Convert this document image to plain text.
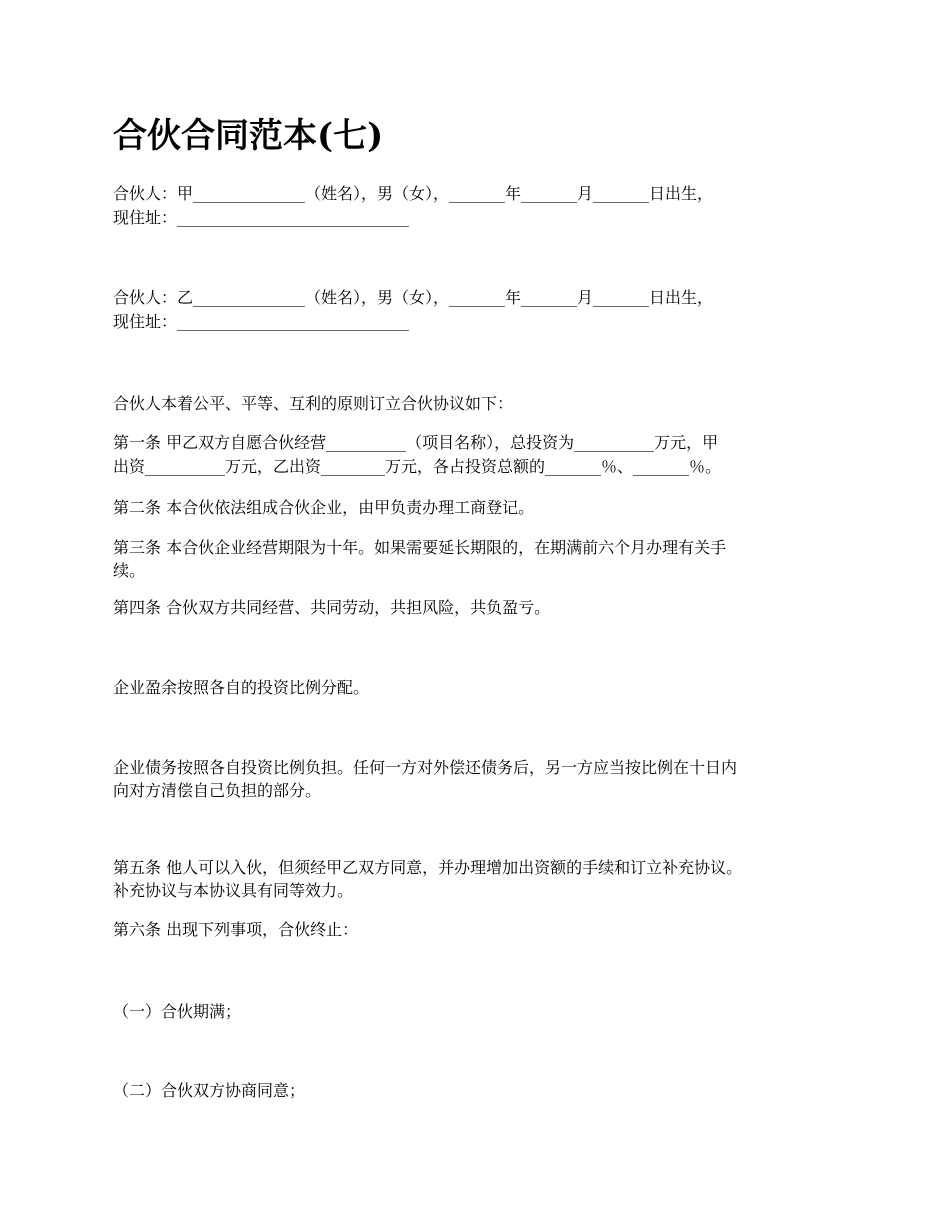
合伙合同范本(七)

合伙人：甲______________（姓名），男（女），_______年_______月_______日出生，

现住址：_____________________________

合伙人：乙______________（姓名），男（女），_______年_______月_______日出生，

现住址：_____________________________

合伙人本着公平、平等、互利的原则订立合伙协议如下：

第一条 甲乙双方自愿合伙经营__________（项目名称），总投资为__________万元，甲

出资__________万元，乙出资________万元，各占投资总额的_______％、_______％。

第二条 本合伙依法组成合伙企业，由甲负责办理工商登记。

第三条 本合伙企业经营期限为十年。如果需要延长期限的，在期满前六个月办理有关手

续。

第四条 合伙双方共同经营、共同劳动，共担风险，共负盈亏。

企业盈余按照各自的投资比例分配。

企业债务按照各自投资比例负担。任何一方对外偿还债务后，另一方应当按比例在十日内

向对方清偿自己负担的部分。

第五条 他人可以入伙，但须经甲乙双方同意，并办理增加出资额的手续和订立补充协议。

补充协议与本协议具有同等效力。

第六条 出现下列事项，合伙终止：

（一）合伙期满；

（二）合伙双方协商同意；
